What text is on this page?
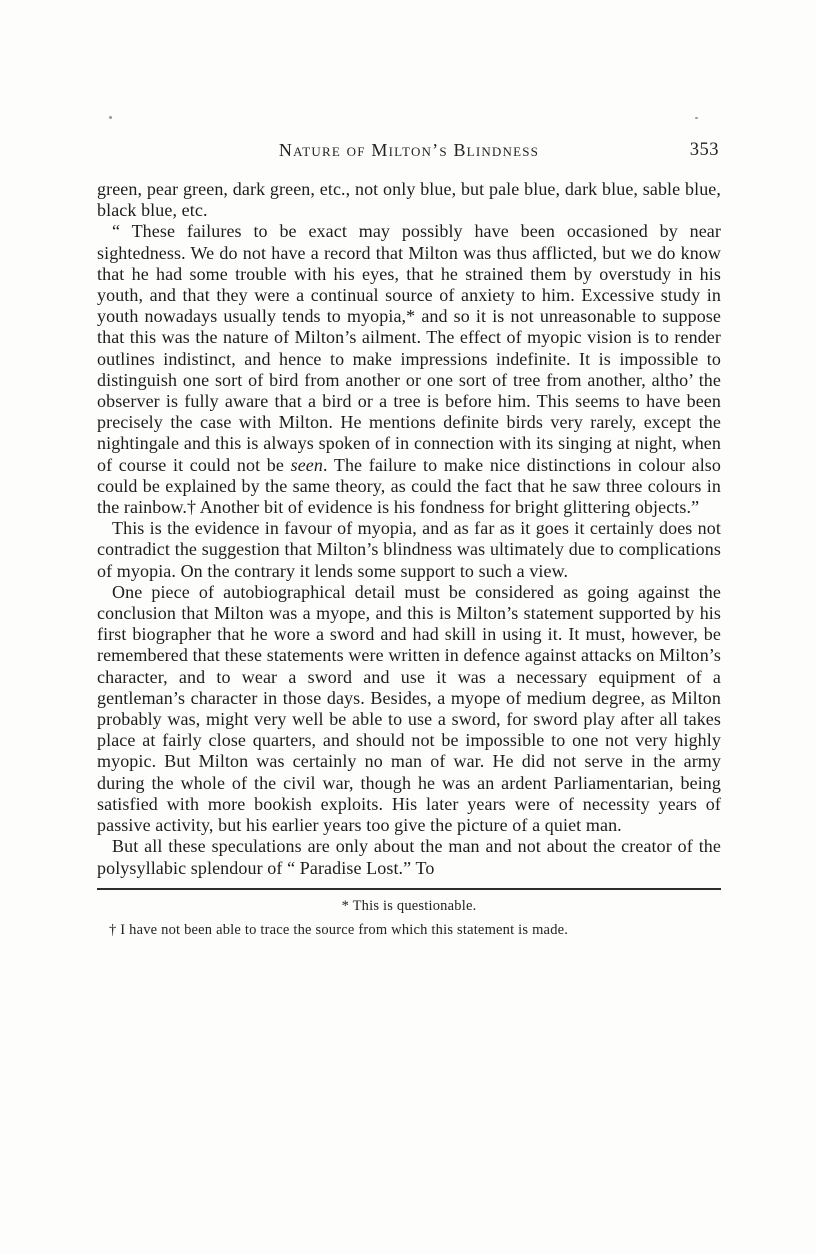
Nature of Milton’s Blindness	353

green, pear green, dark green, etc., not only blue, but pale blue, dark blue, sable blue, black blue, etc.

“ These failures to be exact may possibly have been occasioned by near sightedness. We do not have a record that Milton was thus afflicted, but we do know that he had some trouble with his eyes, that he strained them by overstudy in his youth, and that they were a continual source of anxiety to him. Excessive study in youth nowadays usually tends to myopia,* and so it is not unreasonable to suppose that this was the nature of Milton’s ailment. The effect of myopic vision is to render outlines indistinct, and hence to make impressions indefinite. It is impossible to distinguish one sort of bird from another or one sort of tree from another, altho’ the observer is fully aware that a bird or a tree is before him. This seems to have been precisely the case with Milton. He mentions definite birds very rarely, except the nightingale and this is always spoken of in connection with its singing at night, when of course it could not be seen. The failure to make nice distinctions in colour also could be explained by the same theory, as could the fact that he saw three colours in the rainbow.† Another bit of evidence is his fondness for bright glittering objects.”

This is the evidence in favour of myopia, and as far as it goes it certainly does not contradict the suggestion that Milton’s blindness was ultimately due to complications of myopia. On the contrary it lends some support to such a view.

One piece of autobiographical detail must be considered as going against the conclusion that Milton was a myope, and this is Milton’s statement supported by his first biographer that he wore a sword and had skill in using it. It must, however, be remembered that these statements were written in defence against attacks on Milton’s character, and to wear a sword and use it was a necessary equipment of a gentleman’s character in those days. Besides, a myope of medium degree, as Milton probably was, might very well be able to use a sword, for sword play after all takes place at fairly close quarters, and should not be impossible to one not very highly myopic. But Milton was certainly no man of war. He did not serve in the army during the whole of the civil war, though he was an ardent Parliamentarian, being satisfied with more bookish exploits. His later years were of necessity years of passive activity, but his earlier years too give the picture of a quiet man.

But all these speculations are only about the man and not about the creator of the polysyllabic splendour of “ Paradise Lost.” To

* This is questionable.
† I have not been able to trace the source from which this statement is made.
